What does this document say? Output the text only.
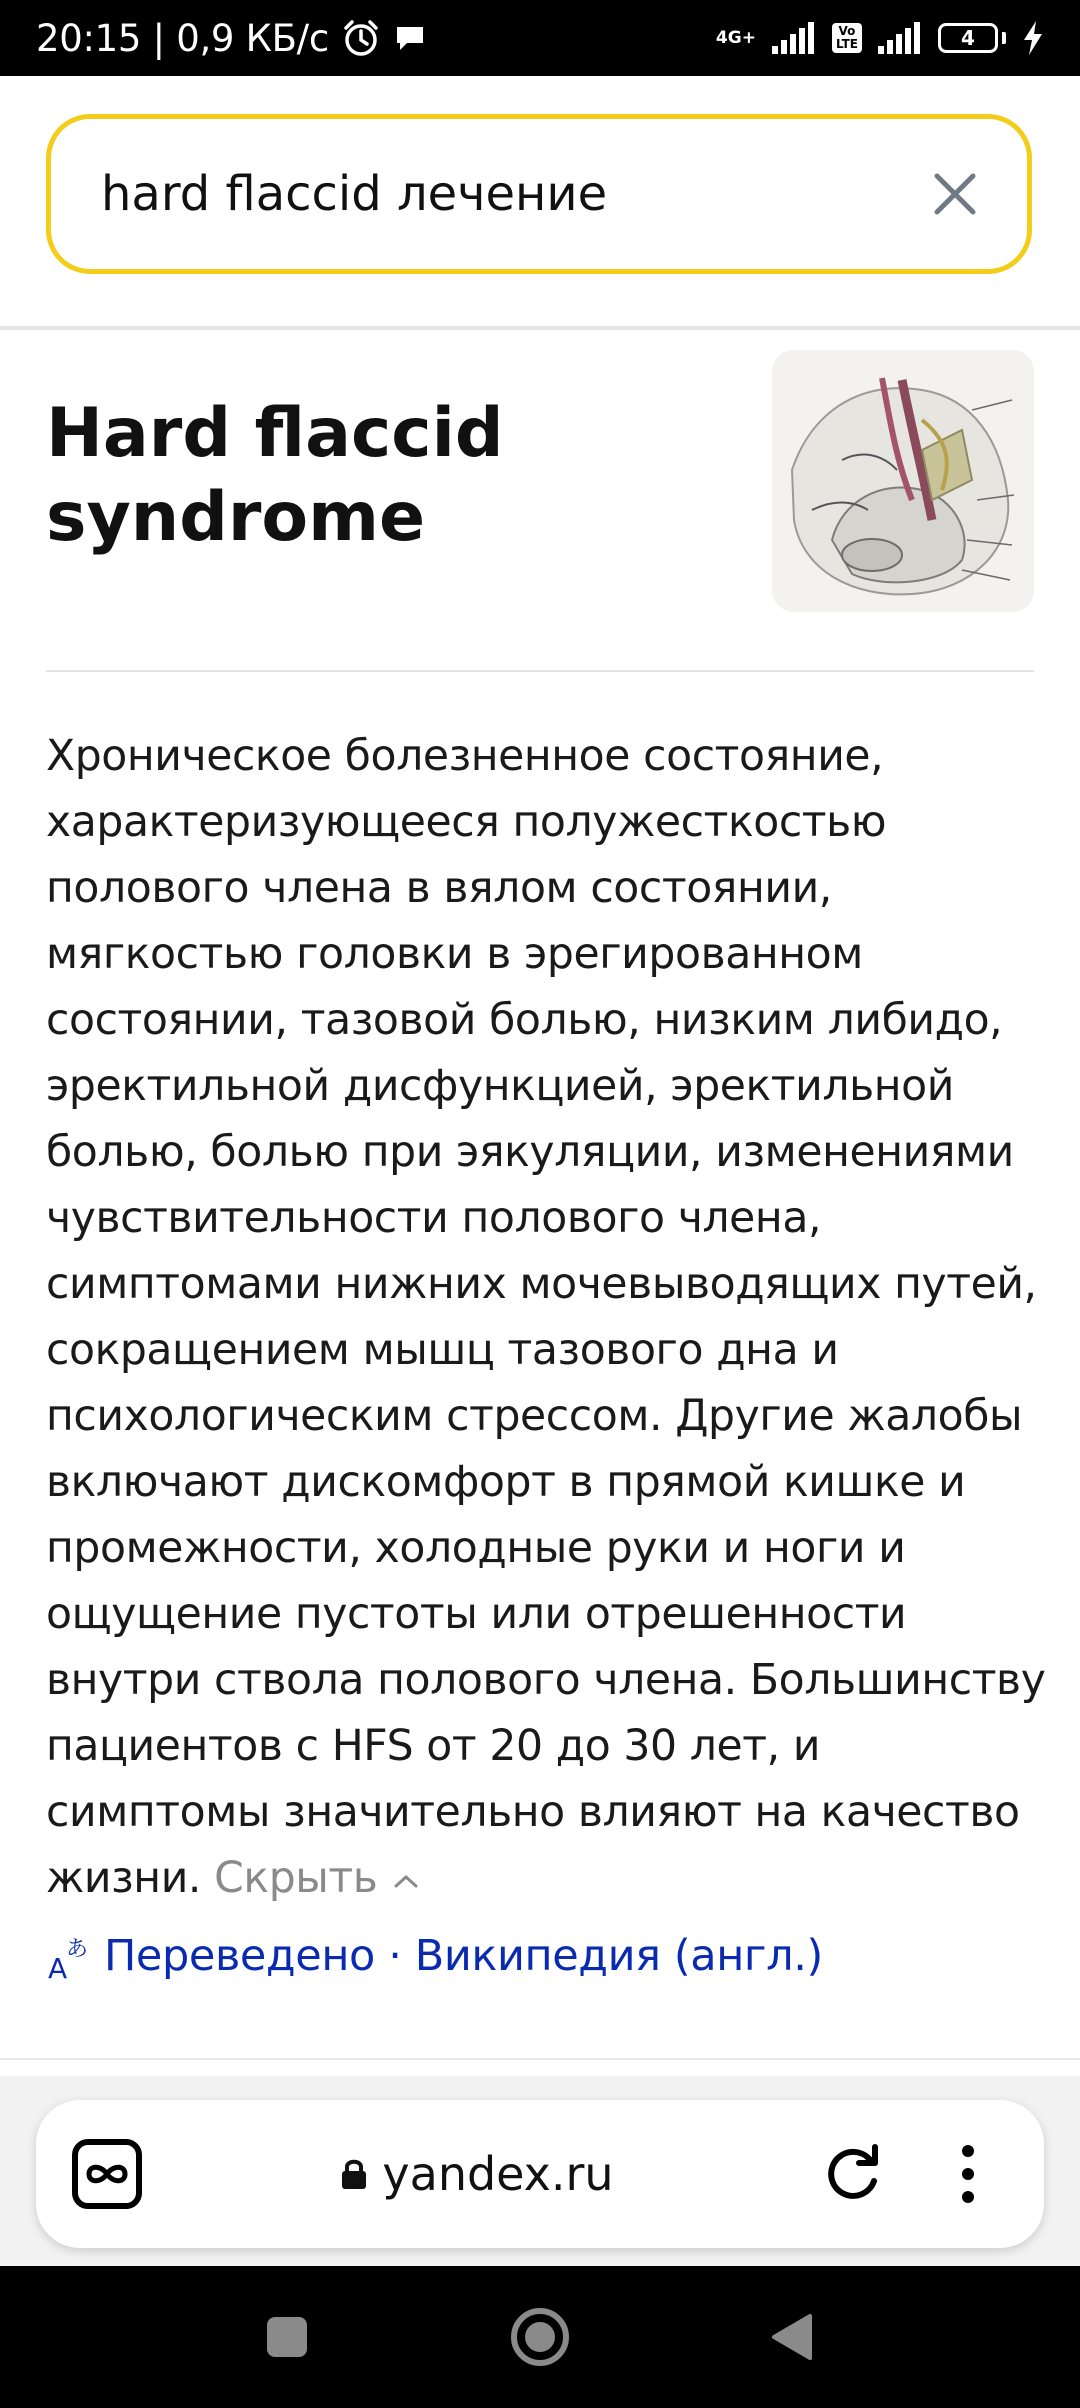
20:15 | 0,9 КБ/с	4G+	Vo
LTE	4
hard flaccid лечение
Hard flaccid syndrome

Хроническое болезненное состояние, характеризующееся полужесткостью полового члена в вялом состоянии, мягкостью головки в эрегированном состоянии, тазовой болью, низким либидо, эректильной дисфункцией, эректильной болью, болью при эякуляции, изменениями чувствительности полового члена, симптомами нижних мочевыводящих путей, сокращением мышц тазового дна и психологическим стрессом. Другие жалобы включают дискомфорт в прямой кишке и промежности, холодные руки и ноги и ощущение пустоты или отрешенности внутри ствола полового члена. Большинству пациентов с HFS от 20 до 30 лет, и симптомы значительно влияют на качество жизни. Скрыть

A
あ Переведено · Википедия (англ.)
yandex.ru
